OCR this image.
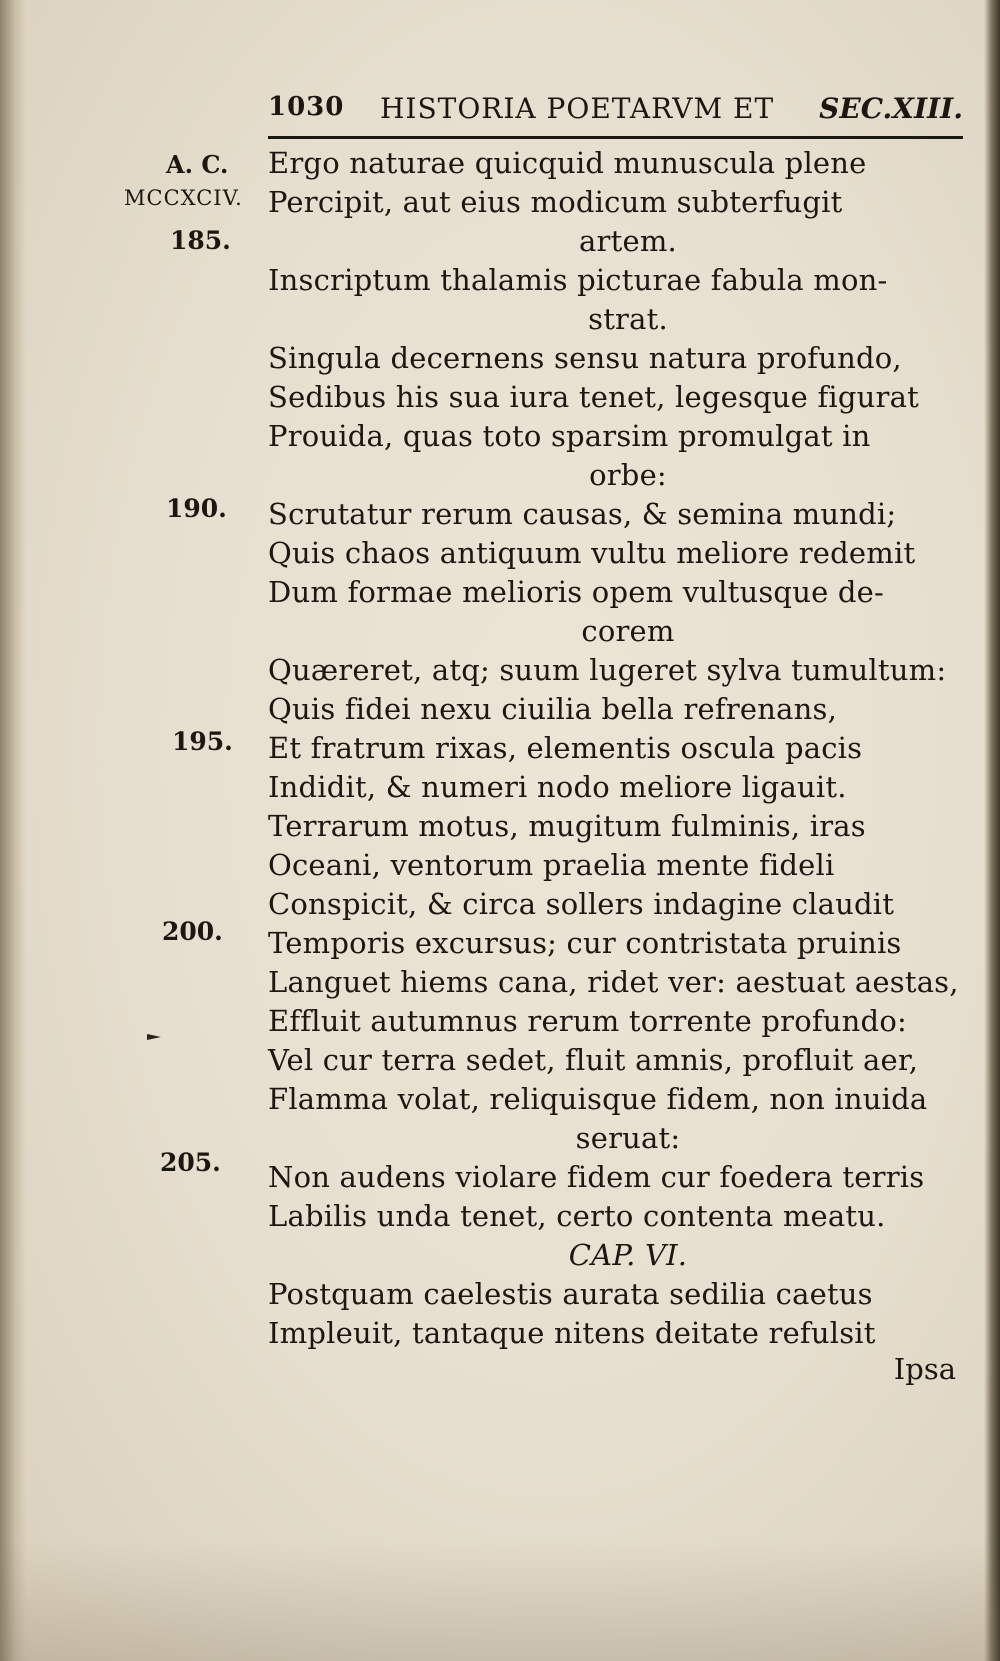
1030 HISTORIA POETARVM ET SEC.XIII.
A. C.
MCCXCIV.
185.
190.
195.
200.
205.
Ergo naturae quicquid munuscula plene
Percipit, aut eius modicum subterfugit
artem.
Inscriptum thalamis picturae fabula mon-
strat.
Singula decernens sensu natura profundo,
Sedibus his sua iura tenet, legesque figurat
Prouida, quas toto sparsim promulgat in
orbe:
Scrutatur rerum causas, & semina mundi;
Quis chaos antiquum vultu meliore redemit
Dum formae melioris opem vultusque de-
corem
Quæreret, atq; suum lugeret sylva tumultum:
Quis fidei nexu ciuilia bella refrenans,
Et fratrum rixas, elementis oscula pacis
Indidit, & numeri nodo meliore ligauit.
Terrarum motus, mugitum fulminis, iras
Oceani, ventorum praelia mente fideli
Conspicit, & circa sollers indagine claudit
Temporis excursus; cur contristata pruinis
Languet hiems cana, ridet ver: aestuat aestas,
Effluit autumnus rerum torrente profundo:
Vel cur terra sedet, fluit amnis, profluit aer,
Flamma volat, reliquisque fidem, non inuida
seruat:
Non audens violare fidem cur foedera terris
Labilis unda tenet, certo contenta meatu.
CAP. VI.
Postquam caelestis aurata sedilia caetus
Impleuit, tantaque nitens deitate refulsit
Ipsa
